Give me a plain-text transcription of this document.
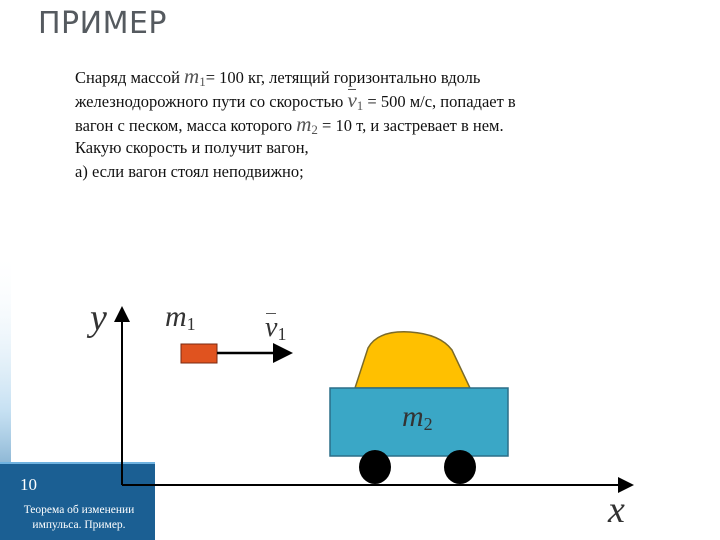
ПРИМЕР
Снаряд массой $m_1= 100$ кг, летящий горизонтально вдоль
железнодорожного пути со скоростью $v_1 = 500$ м/с, попадает в
вагон с песком, масса которого $m_2 = 10$ т, и застревает в нем.
Какую скорость и получит вагон,
а) если вагон стоял неподвижно;
y
x
$m_1$ $v_1$
$m_2$
10
Теорема об изменении импульса. Пример.
